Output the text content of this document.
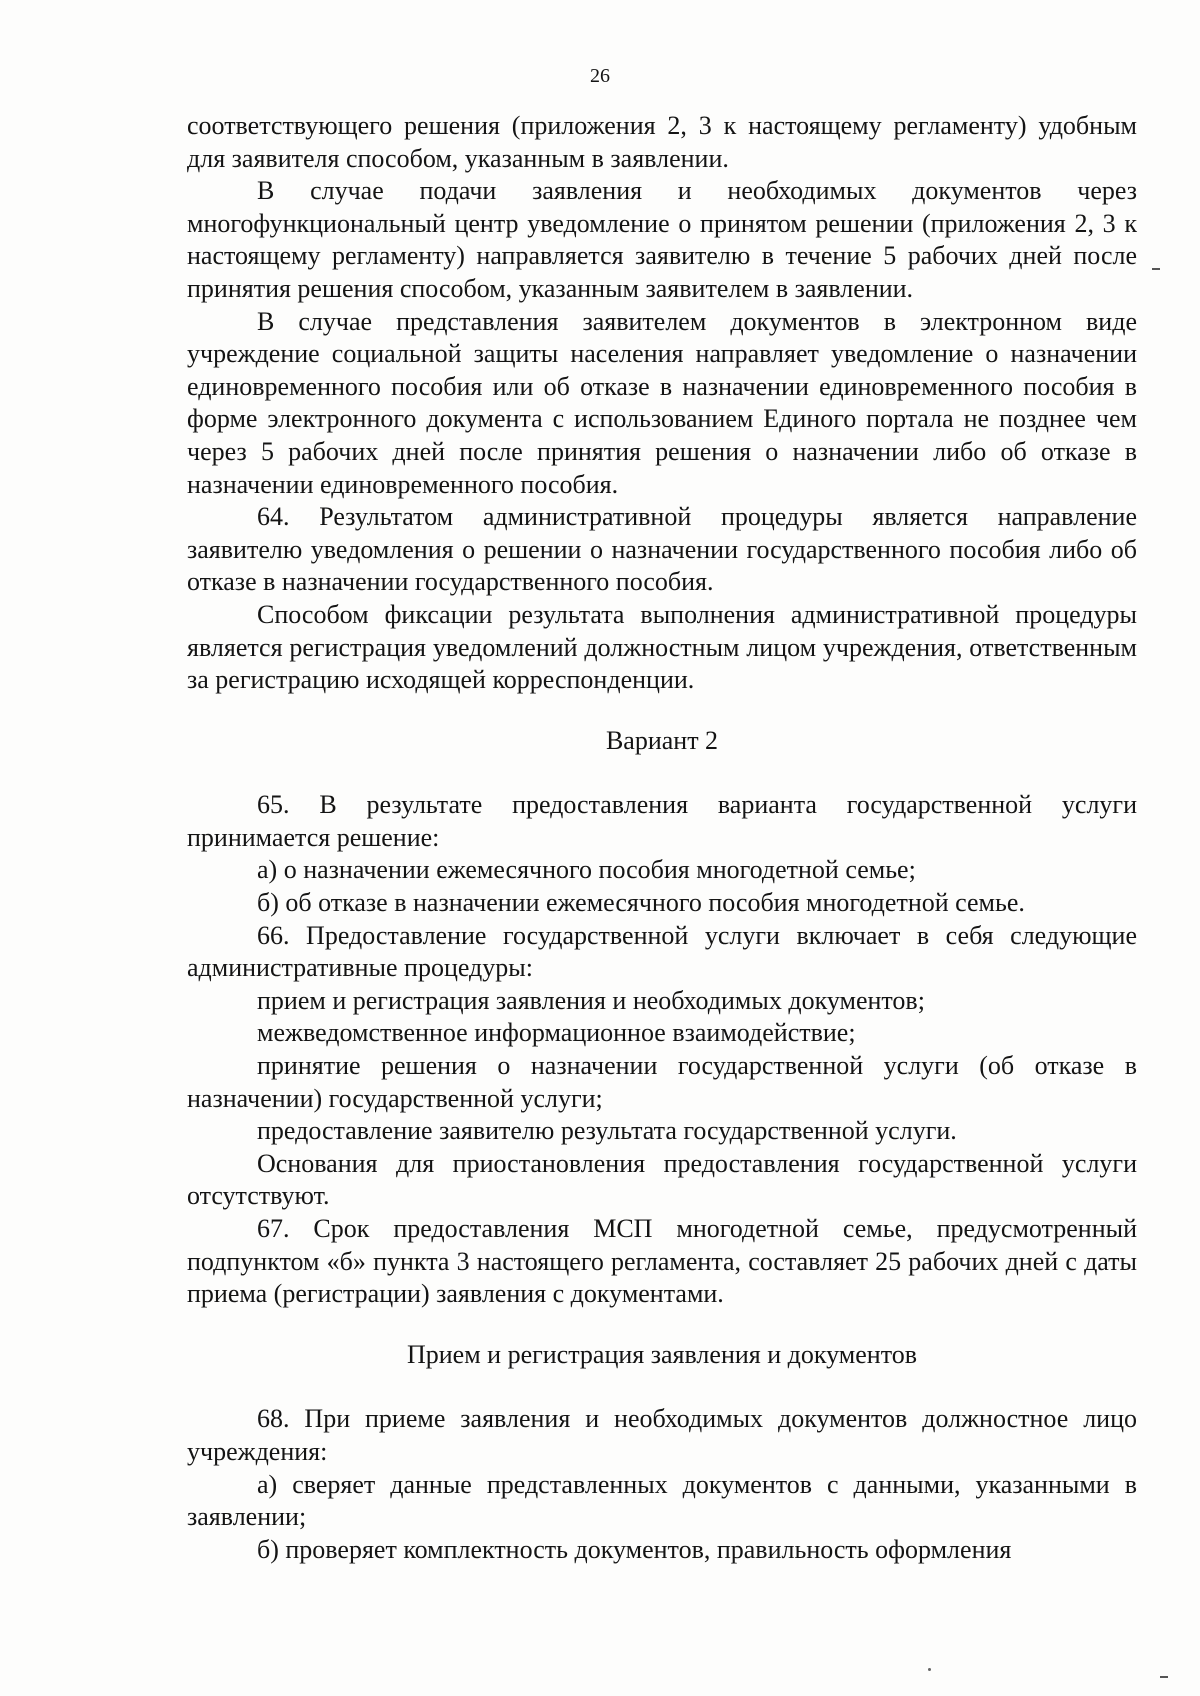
26

соответствующего решения (приложения 2, 3 к настоящему регламенту) удобным для заявителя способом, указанным в заявлении.

В случае подачи заявления и необходимых документов через многофункциональный центр уведомление о принятом решении (приложения 2, 3 к настоящему регламенту) направляется заявителю в течение 5 рабочих дней после принятия решения способом, указанным заявителем в заявлении.

В случае представления заявителем документов в электронном виде учреждение социальной защиты населения направляет уведомление о назначении единовременного пособия или об отказе в назначении единовременного пособия в форме электронного документа с использованием Единого портала не позднее чем через 5 рабочих дней после принятия решения о назначении либо об отказе в назначении единовременного пособия.

64. Результатом административной процедуры является направление заявителю уведомления о решении о назначении государственного пособия либо об отказе в назначении государственного пособия.

Способом фиксации результата выполнения административной процедуры является регистрация уведомлений должностным лицом учреждения, ответственным за регистрацию исходящей корреспонденции.

Вариант 2

65. В результате предоставления варианта государственной услуги принимается решение:

а) о назначении ежемесячного пособия многодетной семье;

б) об отказе в назначении ежемесячного пособия многодетной семье.

66. Предоставление государственной услуги включает в себя следующие административные процедуры:

прием и регистрация заявления и необходимых документов;

межведомственное информационное взаимодействие;

принятие решения о назначении государственной услуги (об отказе в назначении) государственной услуги;

предоставление заявителю результата государственной услуги.

Основания для приостановления предоставления государственной услуги отсутствуют.

67. Срок предоставления МСП многодетной семье, предусмотренный подпунктом «б» пункта 3 настоящего регламента, составляет 25 рабочих дней с даты приема (регистрации) заявления с документами.

Прием и регистрация заявления и документов

68. При приеме заявления и необходимых документов должностное лицо учреждения:

а) сверяет данные представленных документов с данными, указанными в заявлении;

б) проверяет комплектность документов, правильность оформления
